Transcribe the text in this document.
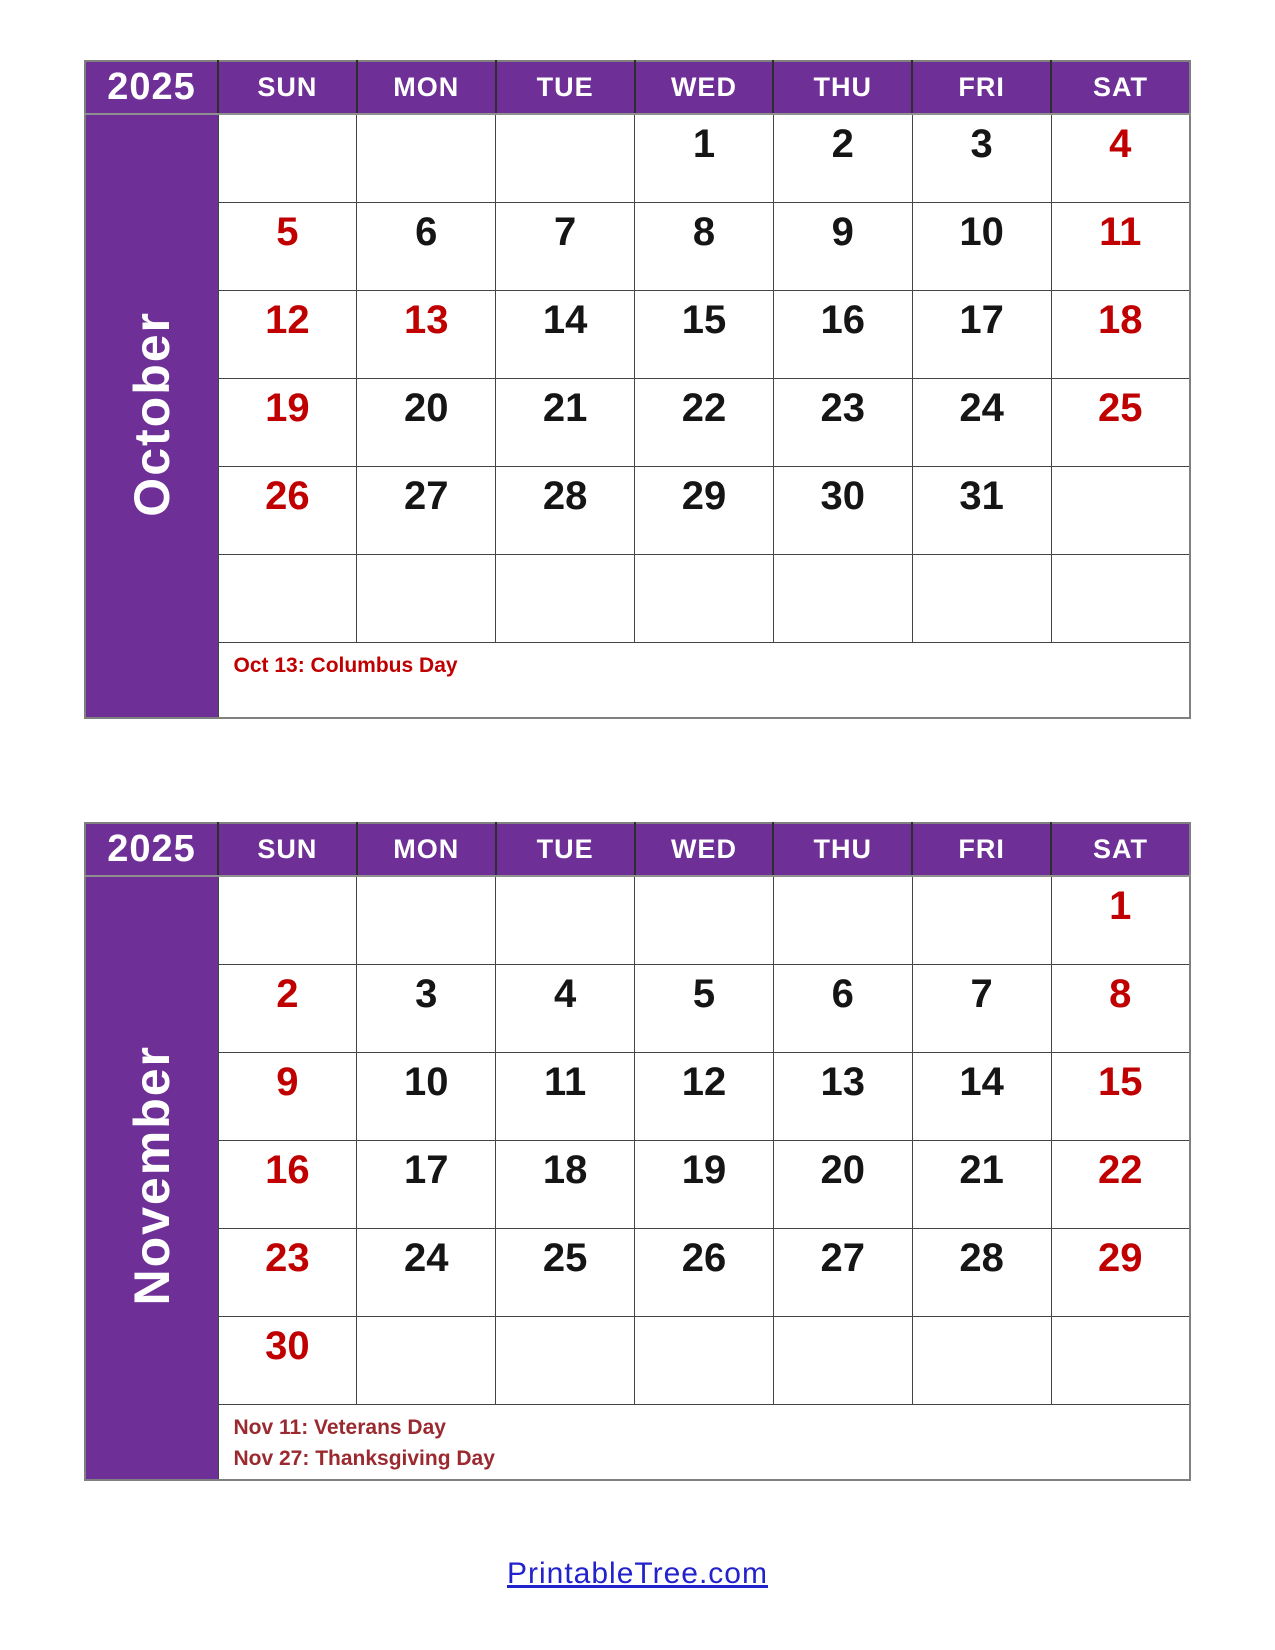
2025	SUN	MON	TUE	WED	THU	FRI	SAT
October				1	2	3	4
	5	6	7	8	9	10	11
	12	13	14	15	16	17	18
	19	20	21	22	23	24	25
	26	27	28	29	30	31	

	Oct 13: Columbus Day						
2025	SUN	MON	TUE	WED	THU	FRI	SAT
November							1
	2	3	4	5	6	7	8
	9	10	11	12	13	14	15
	16	17	18	19	20	21	22
	23	24	25	26	27	28	29
	30						

	Nov 11: Veterans Day
Nov 27: Thanksgiving Day						
PrintableTree.com
